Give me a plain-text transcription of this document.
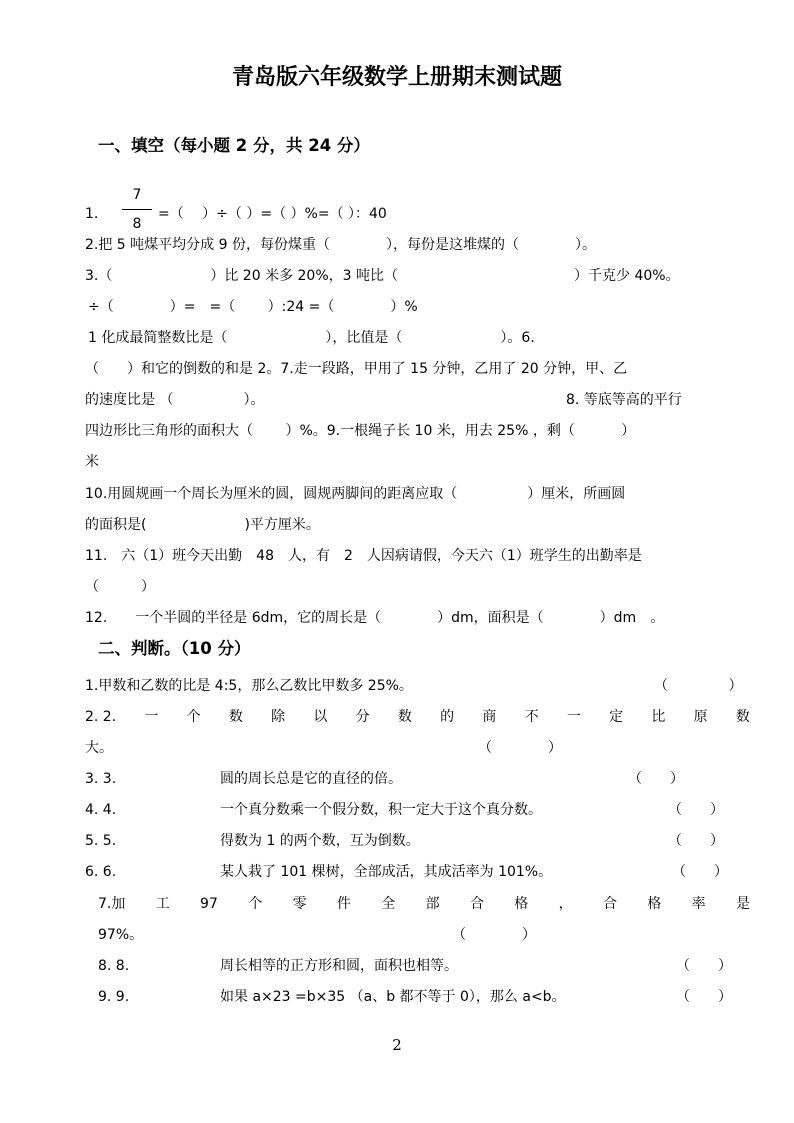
青岛版六年级数学上册期末测试题
一、填空（每小题 2 分，共 24 分）
1.
7
8
=（　 ）÷（ ）=（ ）%=（ ）：40
2.把 5 吨煤平均分成 9 份，每份煤重（　　　　），每份是这堆煤的（　　　　）。
3.（　　　　　　　）比 20 米多 20%，3 吨比（	）千克少 40%。
÷（　　　　）=　=（　　 ）:24 =（　　　　）%
1 化成最简整数比是（　　　　　　　），比值是（　　　　　　　）。6.
（　　）和它的倒数的和是 2。7.走一段路，甲用了 15 分钟，乙用了 20 分钟，甲、乙
的速度比是 （　　　　　）。	8. 等底等高的平行
四边形比三角形的面积大（　　 ）%。9.一根绳子长 10 米，用去 25% ，剩（　　　 ）
米
10.用圆规画一个周长为厘米的圆，圆规两脚间的距离应取（　　　　　）厘米，所画圆
的面积是(　　　　　　　)平方厘米。
11.　六（1）班今天出勤　48　人，有　2　人因病请假，今天六（1）班学生的出勤率是
（　　　）
12.　　一个半圆的半径是 6dm，它的周长是（　　　　）dm，面积是（　　　　）dm　。
二、判断。（10 分）
1.甲数和乙数的比是 4:5，那么乙数比甲数多 25%。	（　　　　 ）
2. 2. 一 个 数 除 以 分 数 的 商 不 一 定 比 原 数
大。	（　　　　）
3. 3.	圆的周长总是它的直径的倍。	（　　）
4. 4.	一个真分数乘一个假分数，积一定大于这个真分数。	（　　）
5. 5.	得数为 1 的两个数，互为倒数。	（　　）
6. 6.	某人栽了 101 棵树，全部成活，其成活率为 101%。	（　　）
7.加 工 97 个 零 件 全 部 合 格 ， 合 格 率 是
97%。	（　　　　）
8. 8.	周长相等的正方形和圆，面积也相等。	（　　）
9. 9.	如果 a×23 =b×35 （a、b 都不等于 0），那么 a<b。	（　　）
2
